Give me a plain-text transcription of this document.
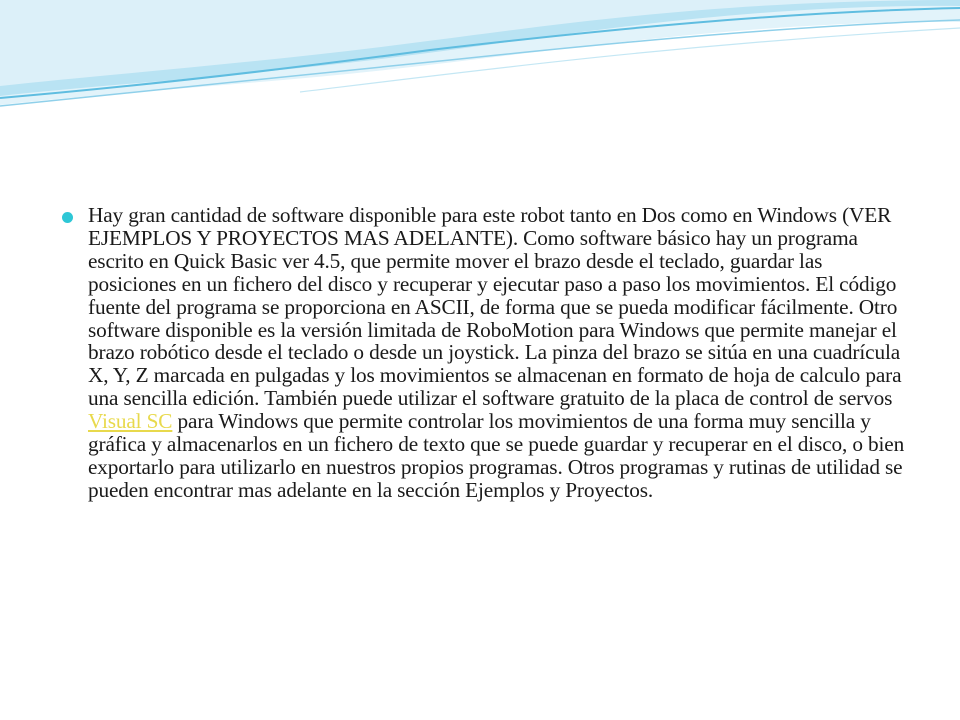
Hay gran cantidad de software disponible para este robot tanto en Dos como en Windows (VER EJEMPLOS Y PROYECTOS MAS ADELANTE). Como software básico hay un programa escrito en Quick Basic ver 4.5, que permite mover el brazo desde el teclado, guardar las posiciones en un fichero del disco y recuperar y ejecutar paso a paso los movimientos. El código fuente del programa se proporciona en ASCII, de forma que se pueda modificar fácilmente. Otro software disponible es la versión limitada de RoboMotion para Windows que permite manejar el brazo robótico desde el teclado o desde un joystick. La pinza del brazo se sitúa en una cuadrícula X, Y, Z marcada en pulgadas y los movimientos se almacenan en formato de hoja de calculo para una sencilla edición. También puede utilizar el software gratuito de la placa de control de servos Visual SC para Windows que permite controlar los movimientos de una forma muy sencilla y gráfica y almacenarlos en un fichero de texto que se puede guardar y recuperar en el disco, o bien exportarlo para utilizarlo en nuestros propios programas. Otros programas y rutinas de utilidad se pueden encontrar mas adelante en la sección Ejemplos y Proyectos.
